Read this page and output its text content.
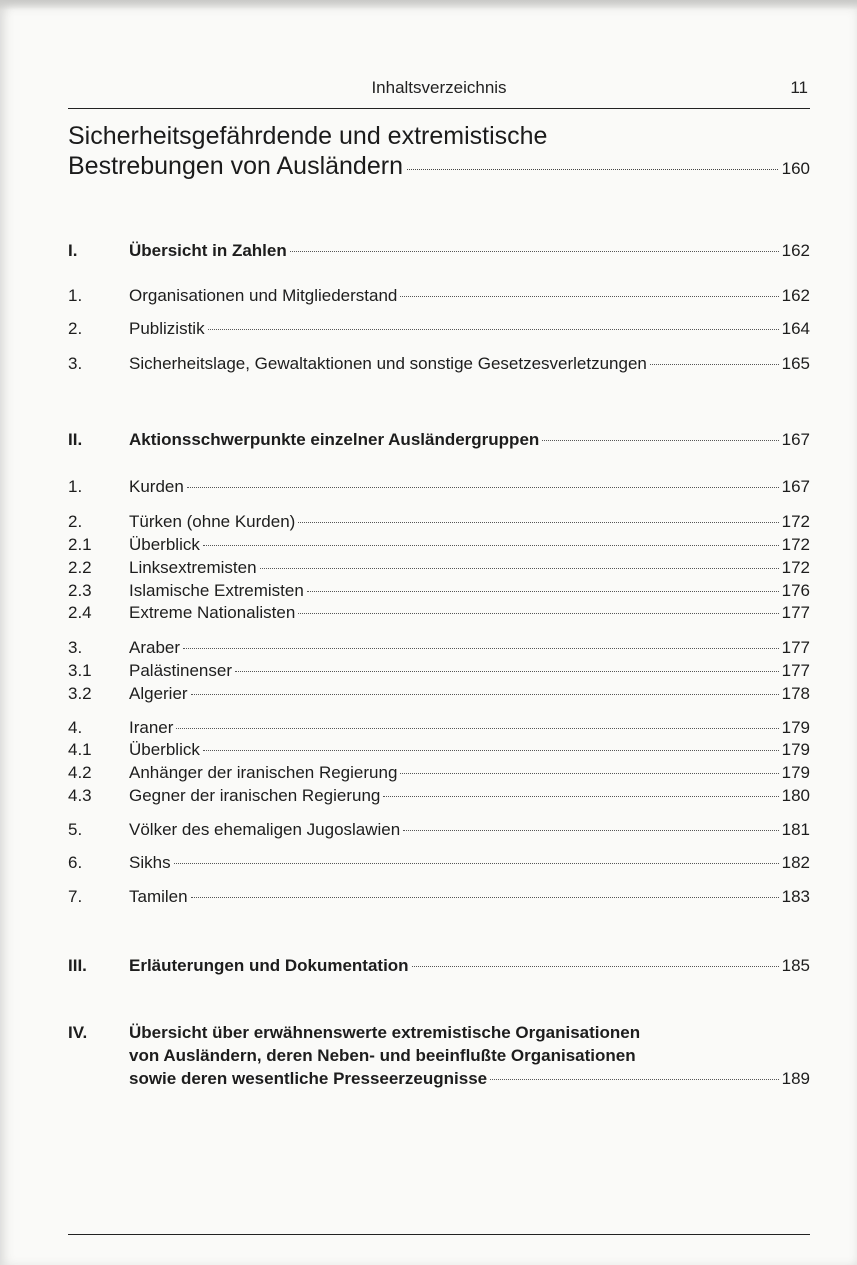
Inhaltsverzeichnis	11
Sicherheitsgefährdende und extremistische
Bestrebungen von Ausländern	160
I.	Übersicht in Zahlen	162
1.	Organisationen und Mitgliederstand	162
2.	Publizistik	164
3.	Sicherheitslage, Gewaltaktionen und sonstige Gesetzesverletzungen	165
II.	Aktionsschwerpunkte einzelner Ausländergruppen	167
1.	Kurden	167
2.	Türken (ohne Kurden)	172
2.1	Überblick	172
2.2	Linksextremisten	172
2.3	Islamische Extremisten	176
2.4	Extreme Nationalisten	177
3.	Araber	177
3.1	Palästinenser	177
3.2	Algerier	178
4.	Iraner	179
4.1	Überblick	179
4.2	Anhänger der iranischen Regierung	179
4.3	Gegner der iranischen Regierung	180
5.	Völker des ehemaligen Jugoslawien	181
6.	Sikhs	182
7.	Tamilen	183
III.	Erläuterungen und Dokumentation	185
IV.	Übersicht über erwähnenswerte extremistische Organisationen
von Ausländern, deren Neben- und beeinflußte Organisationen
sowie deren wesentliche Presseerzeugnisse	189
